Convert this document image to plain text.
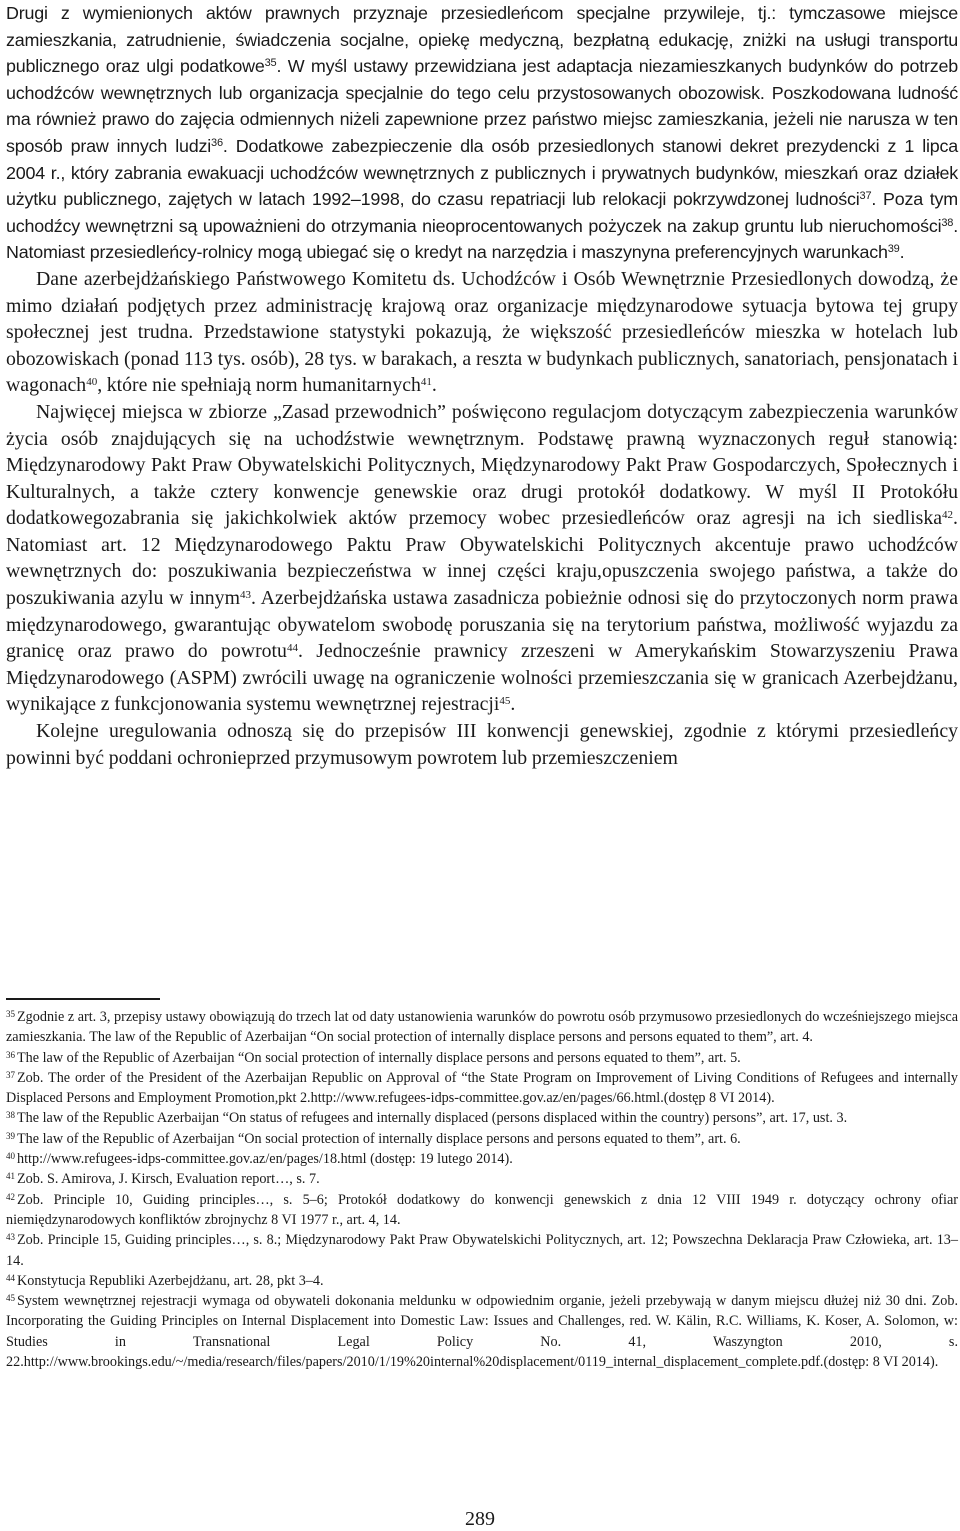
Drugi z wymienionych aktów prawnych przyznaje przesiedleńcom specjalne przywileje, tj.: tymczasowe miejsce zamieszkania, zatrudnienie, świadczenia socjalne, opiekę medyczną, bezpłatną edukację, zniżki na usługi transportu publicznego oraz ulgi podatkowe$^{35}$. W myśl ustawy przewidziana jest adaptacja niezamieszkanych budynków do potrzeb uchodźców wewnętrznych lub organizacja specjalnie do tego celu przystosowanych obozowisk. Poszkodowana ludność ma również prawo do zajęcia odmiennych niżeli zapewnione przez państwo miejsc zamieszkania, jeżeli nie narusza w ten sposób praw innych ludzi$^{36}$. Dodatkowe zabezpieczenie dla osób przesiedlonych stanowi dekret prezydencki z 1 lipca 2004 r., który zabrania ewakuacji uchodźców wewnętrznych z publicznych i prywatnych budynków, mieszkań oraz działek użytku publicznego, zajętych w latach 1992–1998, do czasu repatriacji lub relokacji pokrzywdzonej ludności$^{37}$. Poza tym uchodźcy wewnętrzni są upoważnieni do otrzymania nieoprocentowanych pożyczek na zakup gruntu lub nieruchomości$^{38}$. Natomiast przesiedleńcy-rolnicy mogą ubiegać się o kredyt na narzędzia i maszynyna preferencyjnych warunkach$^{39}$.

Dane azerbejdżańskiego Państwowego Komitetu ds. Uchodźców i Osób Wewnętrznie Przesiedlonych dowodzą, że mimo działań podjętych przez administrację krajową oraz organizacje międzynarodowe sytuacja bytowa tej grupy społecznej jest trudna. Przedstawione statystyki pokazują, że większość przesiedleńców mieszka w hotelach lub obozowiskach (ponad 113 tys. osób), 28 tys. w barakach, a reszta w budynkach publicznych, sanatoriach, pensjonatach i wagonach$^{40}$, które nie spełniają norm humanitarnych$^{41}$.

Najwięcej miejsca w zbiorze „Zasad przewodnich” poświęcono regulacjom dotyczącym zabezpieczenia warunków życia osób znajdujących się na uchodźstwie wewnętrznym. Podstawę prawną wyznaczonych reguł stanowią: Międzynarodowy Pakt Praw Obywatelskichi Politycznych, Międzynarodowy Pakt Praw Gospodarczych, Społecznych i Kulturalnych, a także cztery konwencje genewskie oraz drugi protokół dodatkowy. W myśl II Protokółu dodatkowegozabrania się jakichkolwiek aktów przemocy wobec przesiedleńców oraz agresji na ich siedliska$^{42}$. Natomiast art. 12 Międzynarodowego Paktu Praw Obywatelskichi Politycznych akcentuje prawo uchodźców wewnętrznych do: poszukiwania bezpieczeństwa w innej części kraju,opuszczenia swojego państwa, a także do poszukiwania azylu w innym$^{43}$. Azerbejdżańska ustawa zasadnicza pobieżnie odnosi się do przytoczonych norm prawa międzynarodowego, gwarantując obywatelom swobodę poruszania się na terytorium państwa, możliwość wyjazdu za granicę oraz prawo do powrotu$^{44}$. Jednocześnie prawnicy zrzeszeni w Amerykańskim Stowarzyszeniu Prawa Międzynarodowego (ASPM) zwrócili uwagę na ograniczenie wolności przemieszczania się w granicach Azerbejdżanu, wynikające z funkcjonowania systemu wewnętrznej rejestracji$^{45}$.

Kolejne uregulowania odnoszą się do przepisów III konwencji genewskiej, zgodnie z którymi przesiedleńcy powinni być poddani ochronieprzed przymusowym powrotem lub przemieszczeniem

$^{35}$ Zgodnie z art. 3, przepisy ustawy obowiązują do trzech lat od daty ustanowienia warunków do powrotu osób przymusowo przesiedlonych do wcześniejszego miejsca zamieszkania. The law of the Republic of Azerbaijan “On social protection of internally displace persons and persons equated to them”, art. 4.

$^{36}$ The law of the Republic of Azerbaijan “On social protection of internally displace persons and persons equated to them”, art. 5.

$^{37}$ Zob. The order of the President of the Azerbaijan Republic on Approval of “the State Program on Improvement of Living Conditions of Refugees and internally Displaced Persons and Employment Promotion,pkt 2.http://www.refugees-idps-committee.gov.az/en/pages/66.html.(dostęp 8 VI 2014).

$^{38}$ The law of the Republic Azerbaijan “On status of refugees and internally displaced (persons displaced within the country) persons”, art. 17, ust. 3.

$^{39}$ The law of the Republic of Azerbaijan “On social protection of internally displace persons and persons equated to them”, art. 6.

$^{40}$ http://www.refugees-idps-committee.gov.az/en/pages/18.html (dostęp: 19 lutego 2014).

$^{41}$ Zob. S. Amirova, J. Kirsch, Evaluation report…, s. 7.

$^{42}$ Zob. Principle 10, Guiding principles…, s. 5–6; Protokół dodatkowy do konwencji genewskich z dnia 12 VIII 1949 r. dotyczący ochrony ofiar niemiędzynarodowych konfliktów zbrojnychz 8 VI 1977 r., art. 4, 14.

$^{43}$ Zob. Principle 15, Guiding principles…, s. 8.; Międzynarodowy Pakt Praw Obywatelskichi Politycznych, art. 12; Powszechna Deklaracja Praw Człowieka, art. 13–14.

$^{44}$ Konstytucja Republiki Azerbejdżanu, art. 28, pkt 3–4.

$^{45}$ System wewnętrznej rejestracji wymaga od obywateli dokonania meldunku w odpowiednim organie, jeżeli przebywają w danym miejscu dłużej niż 30 dni. Zob. Incorporating the Guiding Principles on Internal Displacement into Domestic Law: Issues and Challenges, red. W. Kälin, R.C. Williams, K. Koser, A. Solomon, w: Studies in Transnational Legal Policy No. 41, Waszyngton 2010, s. 22.http://www.brookings.edu/~/media/research/files/papers/2010/1/19%20internal%20displacement/0119_internal_displacement_complete.pdf.(dostęp: 8 VI 2014).

289
